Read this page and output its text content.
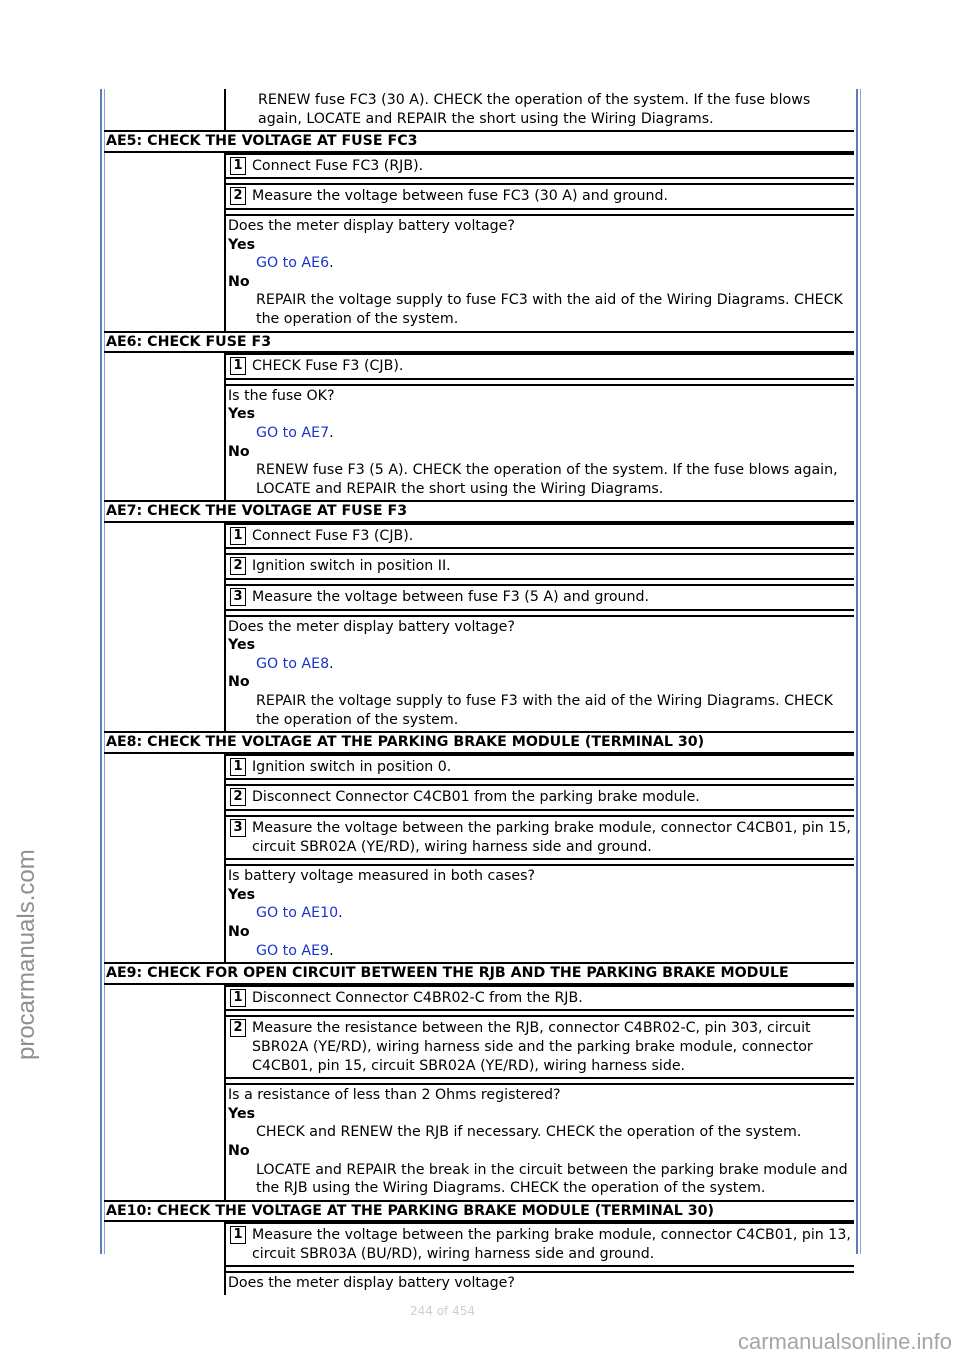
procarmanuals.com
244 of 454
carmanualsonline.info
RENEW fuse FC3 (30 A). CHECK the operation of the system. If the fuse blows again, LOCATE and REPAIR the short using the Wiring Diagrams.
AE5: CHECK THE VOLTAGE AT FUSE FC3
1 Connect Fuse FC3 (RJB).
2 Measure the voltage between fuse FC3 (30 A) and ground.
Does the meter display battery voltage?
Yes
GO to AE6.
No
REPAIR the voltage supply to fuse FC3 with the aid of the Wiring Diagrams. CHECK the operation of the system.
AE6: CHECK FUSE F3
1 CHECK Fuse F3 (CJB).
Is the fuse OK?
Yes
GO to AE7.
No
RENEW fuse F3 (5 A). CHECK the operation of the system. If the fuse blows again, LOCATE and REPAIR the short using the Wiring Diagrams.
AE7: CHECK THE VOLTAGE AT FUSE F3
1 Connect Fuse F3 (CJB).
2 Ignition switch in position II.
3 Measure the voltage between fuse F3 (5 A) and ground.
Does the meter display battery voltage?
Yes
GO to AE8.
No
REPAIR the voltage supply to fuse F3 with the aid of the Wiring Diagrams. CHECK the operation of the system.
AE8: CHECK THE VOLTAGE AT THE PARKING BRAKE MODULE (TERMINAL 30)
1 Ignition switch in position 0.
2 Disconnect Connector C4CB01 from the parking brake module.
3 Measure the voltage between the parking brake module, connector C4CB01, pin 15, circuit SBR02A (YE/RD), wiring harness side and ground.
Is battery voltage measured in both cases?
Yes
GO to AE10.
No
GO to AE9.
AE9: CHECK FOR OPEN CIRCUIT BETWEEN THE RJB AND THE PARKING BRAKE MODULE
1 Disconnect Connector C4BR02-C from the RJB.
2 Measure the resistance between the RJB, connector C4BR02-C, pin 303, circuit SBR02A (YE/RD), wiring harness side and the parking brake module, connector C4CB01, pin 15, circuit SBR02A (YE/RD), wiring harness side.
Is a resistance of less than 2 Ohms registered?
Yes
CHECK and RENEW the RJB if necessary. CHECK the operation of the system.
No
LOCATE and REPAIR the break in the circuit between the parking brake module and the RJB using the Wiring Diagrams. CHECK the operation of the system.
AE10: CHECK THE VOLTAGE AT THE PARKING BRAKE MODULE (TERMINAL 30)
1 Measure the voltage between the parking brake module, connector C4CB01, pin 13, circuit SBR03A (BU/RD), wiring harness side and ground.
Does the meter display battery voltage?
